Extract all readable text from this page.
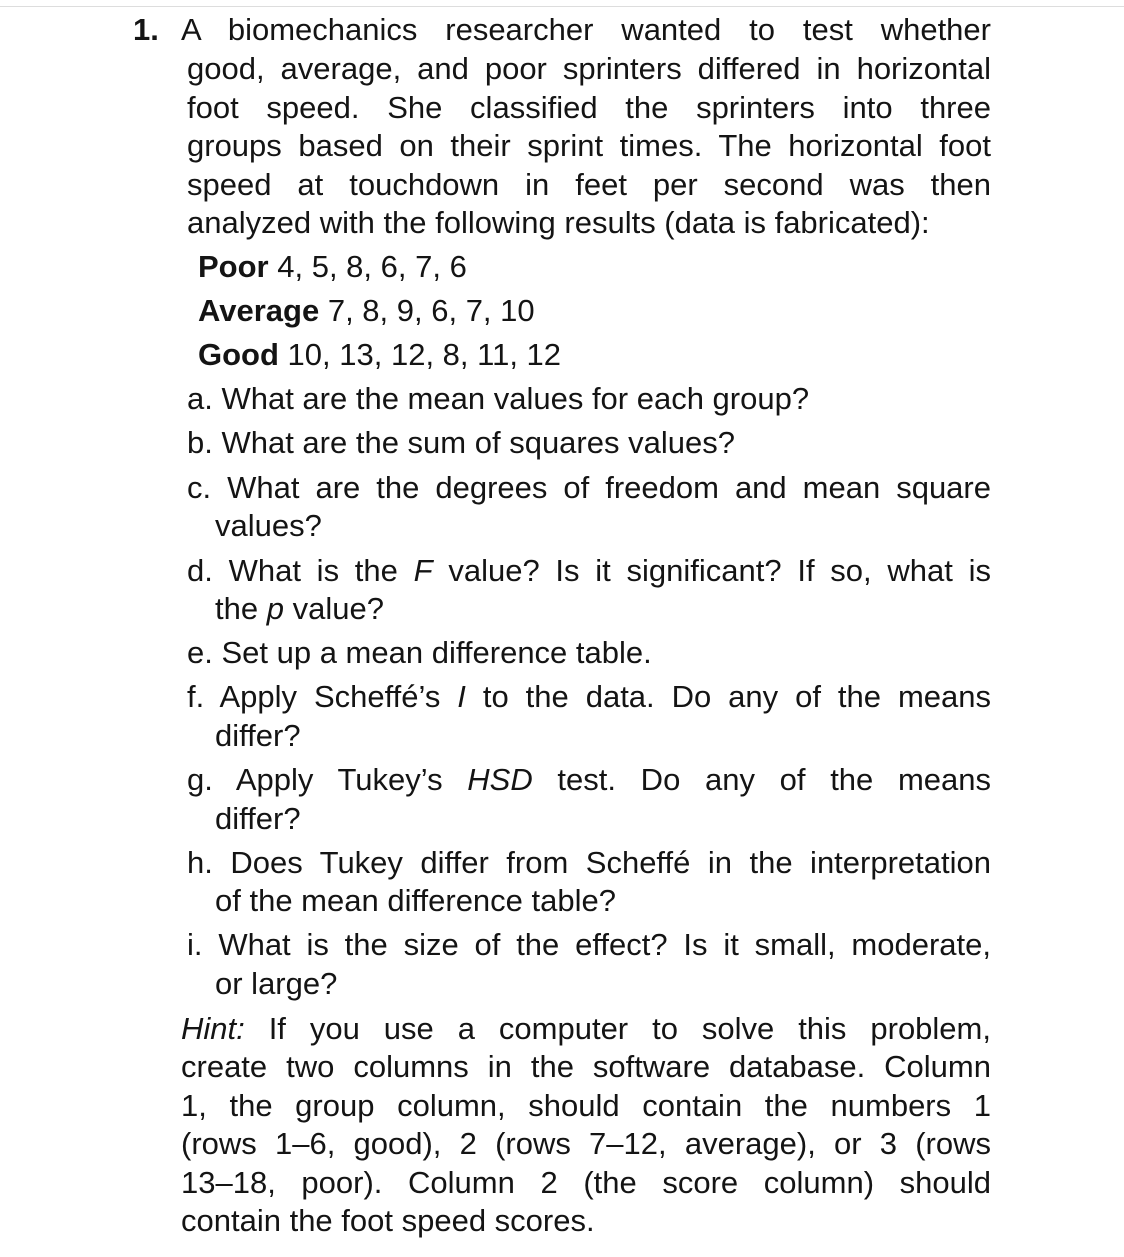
1. A biomechanics researcher wanted to test whether
good, average, and poor sprinters differed in horizontal
foot speed. She classified the sprinters into three
groups based on their sprint times. The horizontal foot
speed at touchdown in feet per second was then
analyzed with the following results (data is fabricated):
Poor 4, 5, 8, 6, 7, 6
Average 7, 8, 9, 6, 7, 10
Good 10, 13, 12, 8, 11, 12
a. What are the mean values for each group?
b. What are the sum of squares values?
c. What are the degrees of freedom and mean square
values?
d. What is the F value? Is it significant? If so, what is
the p value?
e. Set up a mean difference table.
f. Apply Scheffé’s I to the data. Do any of the means
differ?
g. Apply Tukey’s HSD test. Do any of the means
differ?
h. Does Tukey differ from Scheffé in the interpretation
of the mean difference table?
i. What is the size of the effect? Is it small, moderate,
or large?
Hint: If you use a computer to solve this problem,
create two columns in the software database. Column
1, the group column, should contain the numbers 1
(rows 1–6, good), 2 (rows 7–12, average), or 3 (rows
13–18, poor). Column 2 (the score column) should
contain the foot speed scores.
